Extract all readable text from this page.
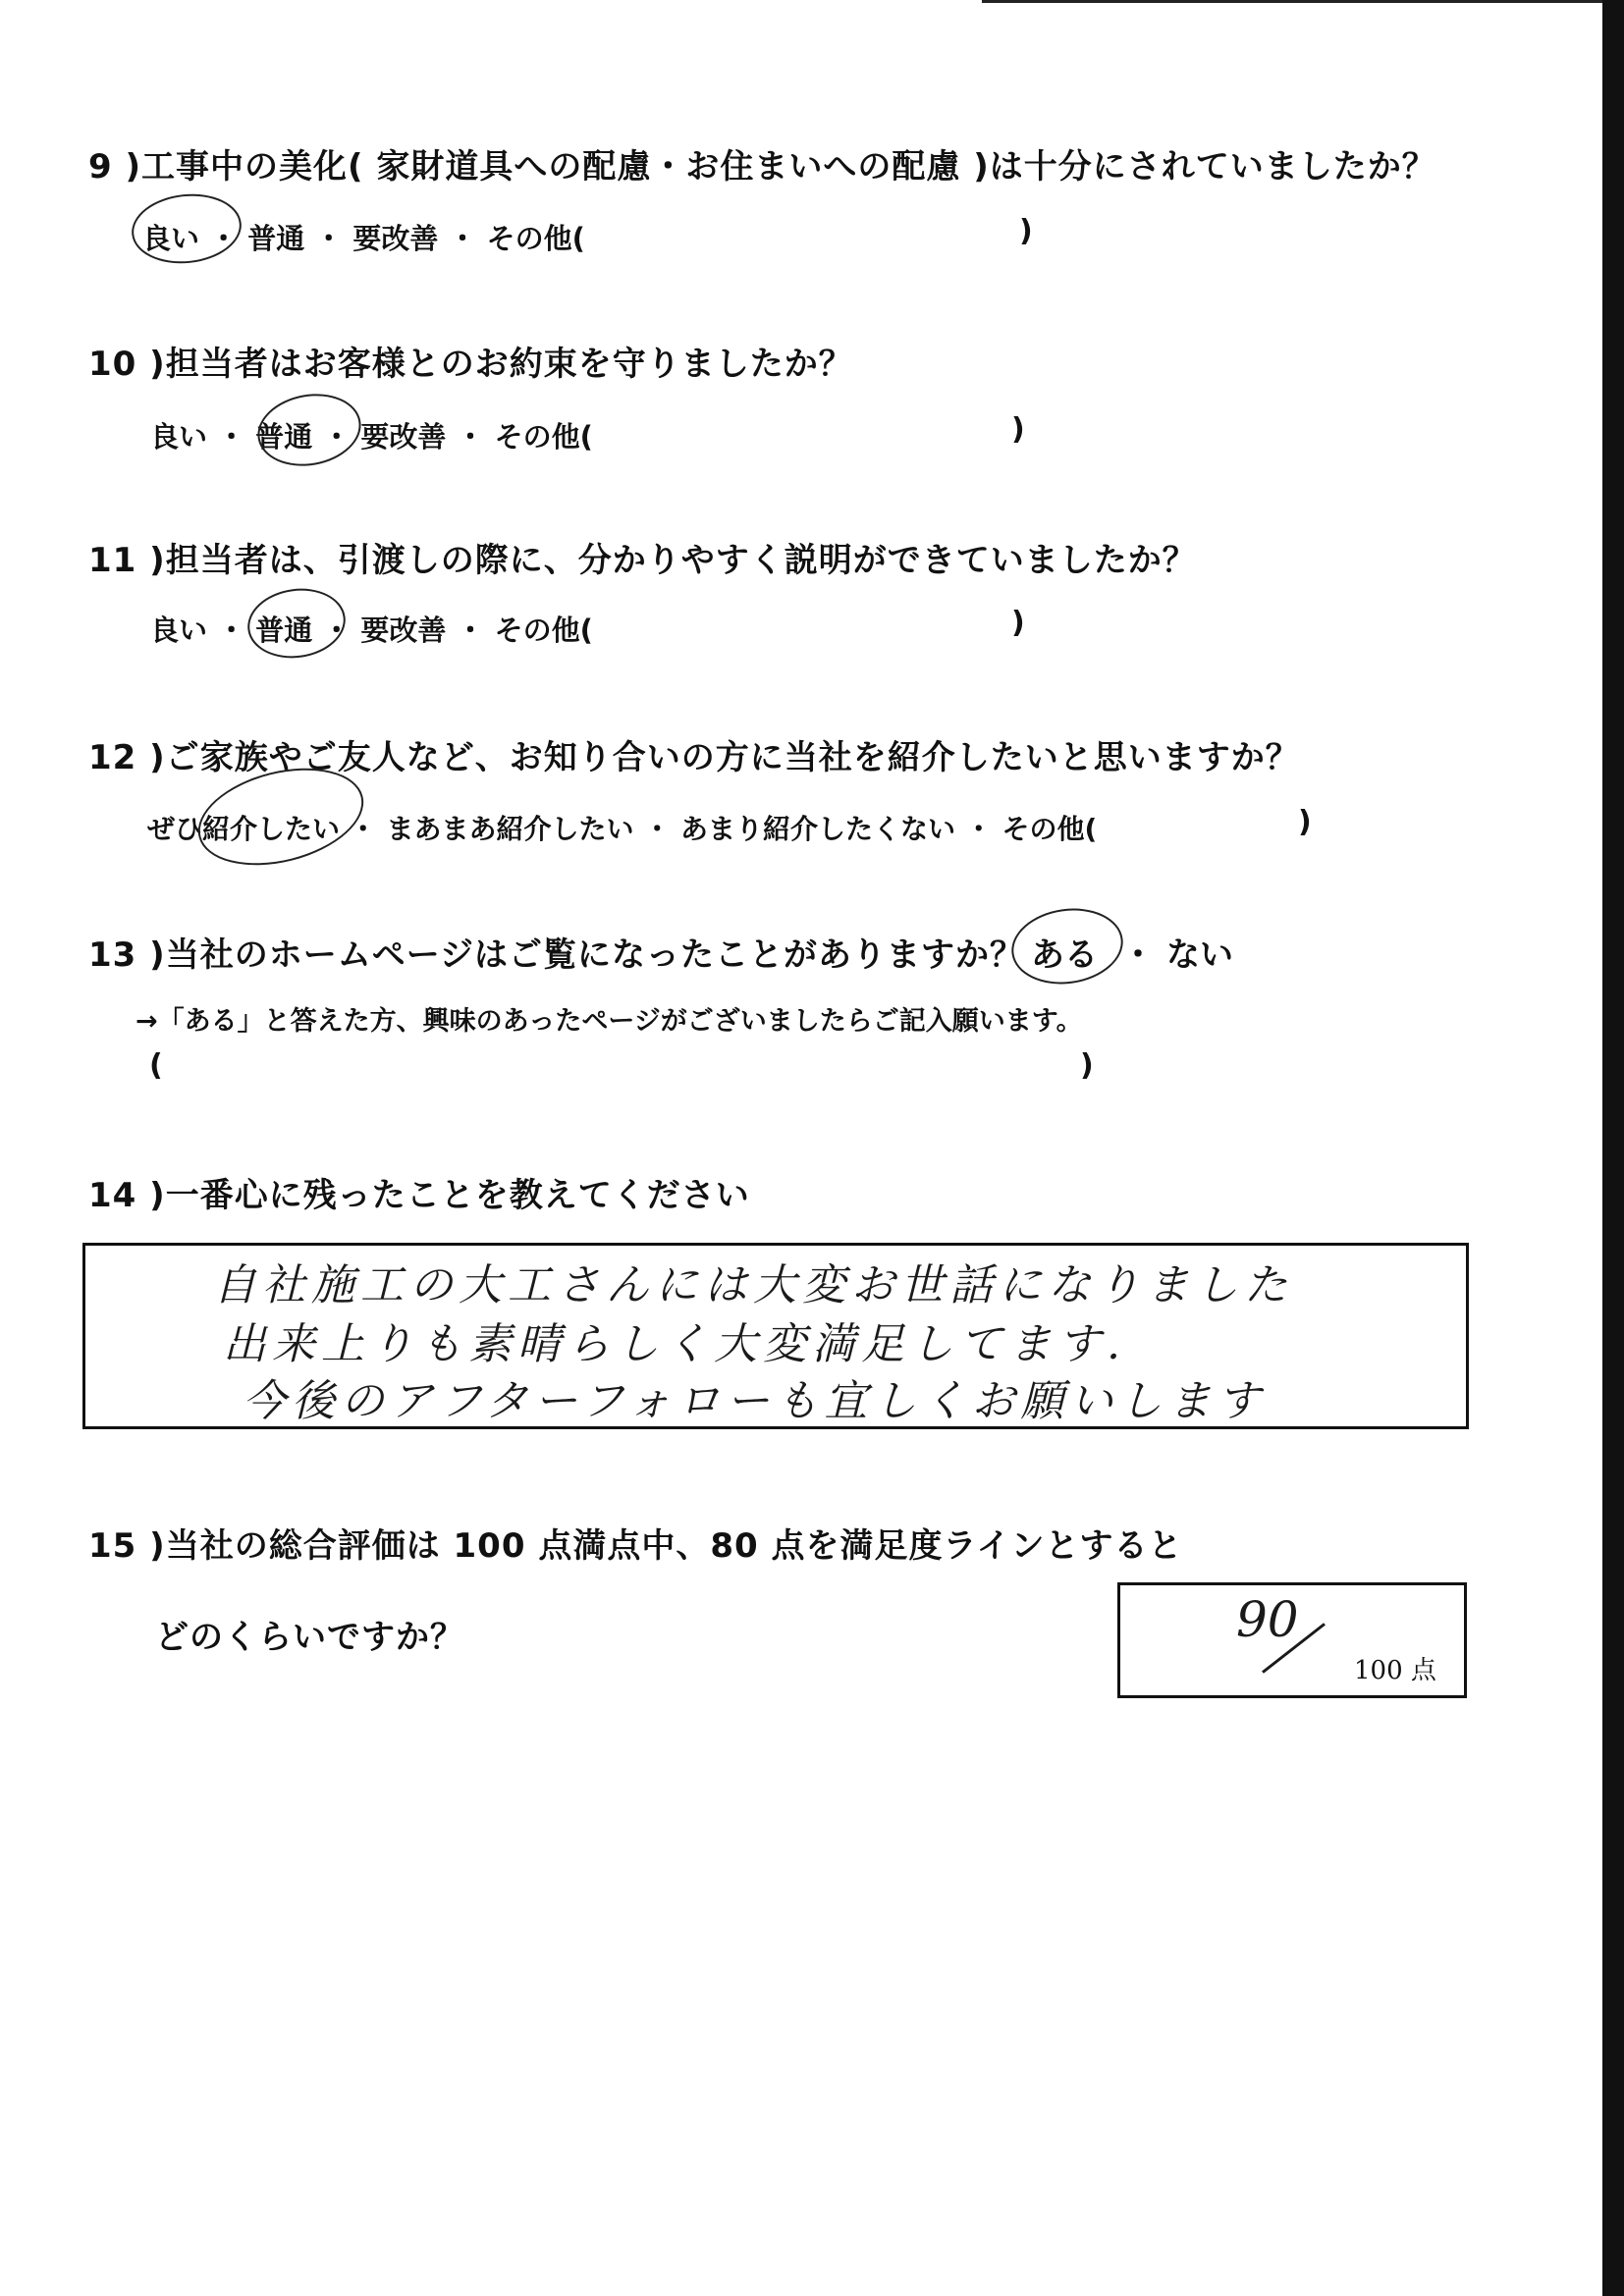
9 )工事中の美化( 家財道具への配慮・お住まいへの配慮 )は十分にされていましたか？
良い ・ 普通 ・ 要改善 ・ その他(	)
10 )担当者はお客様とのお約束を守りましたか？
良い ・ 普通 ・ 要改善 ・ その他(	)
11 )担当者は、引渡しの際に、分かりやすく説明ができていましたか？
良い ・ 普通 ・ 要改善 ・ その他(	)
12 )ご家族やご友人など、お知り合いの方に当社を紹介したいと思いますか？
ぜひ紹介したい ・ まあまあ紹介したい ・ あまり紹介したくない ・ その他(	)
13 )当社のホームページはご覧になったことがありますか？ ある ・ ない
→「ある」と答えた方、興味のあったページがございましたらご記入願います。
(	)
14 )一番心に残ったことを教えてください
自社施工の大工さんには大変お世話になりました
出来上りも素晴らしく大変満足してます.
今後のアフターフォローも宜しくお願いします
15 )当社の総合評価は 100 点満点中、80 点を満足度ラインとすると
どのくらいですか？	90
100 点
